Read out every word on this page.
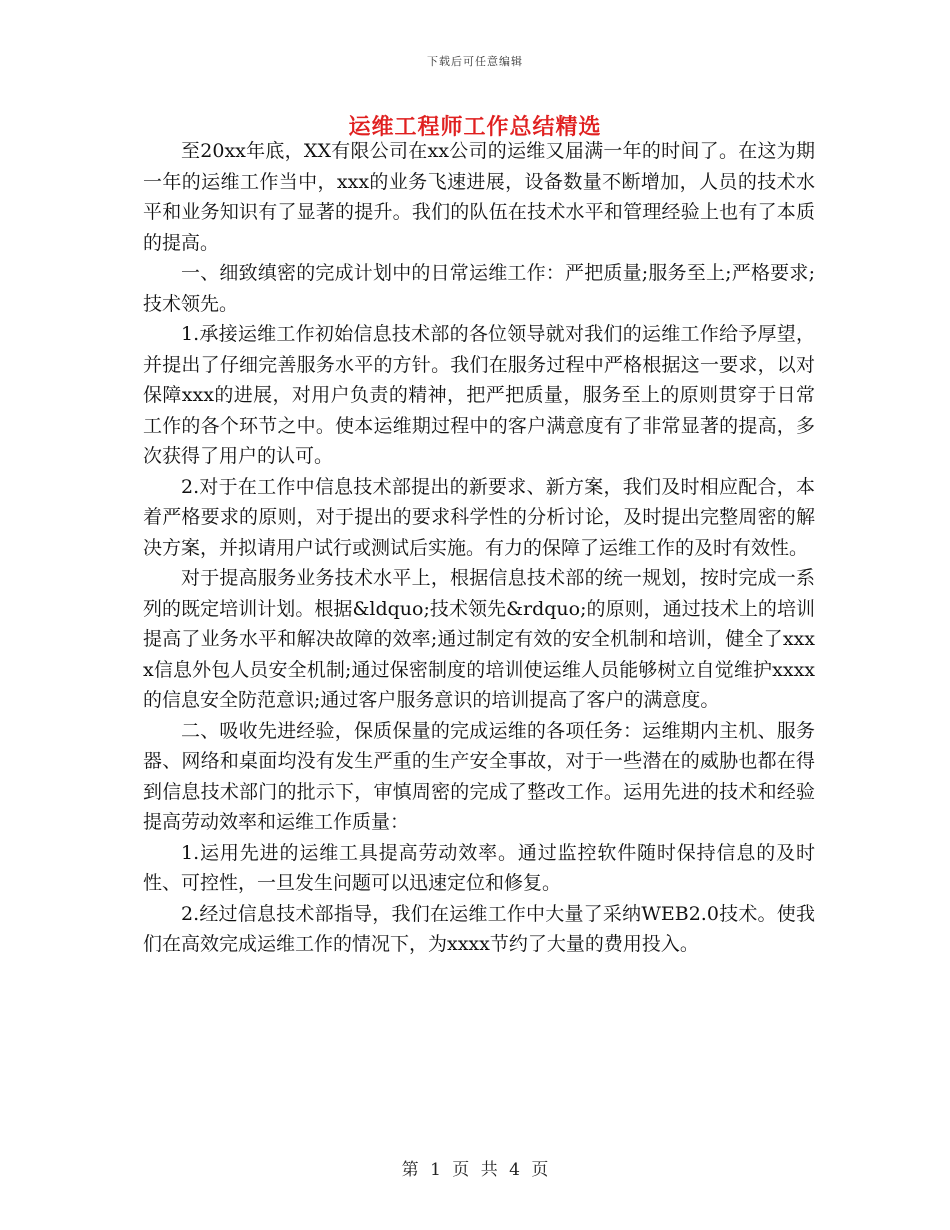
下载后可任意编辑
运维工程师工作总结精选

至20xx年底，XX有限公司在xx公司的运维又届满一年的时间了。在这为期一年的运维工作当中，xxx的业务飞速进展，设备数量不断增加，人员的技术水平和业务知识有了显著的提升。我们的队伍在技术水平和管理经验上也有了本质的提高。

一、细致缜密的完成计划中的日常运维工作：严把质量;服务至上;严格要求;技术领先。

1.承接运维工作初始信息技术部的各位领导就对我们的运维工作给予厚望，并提出了仔细完善服务水平的方针。我们在服务过程中严格根据这一要求，以对保障xxx的进展，对用户负责的精神，把严把质量，服务至上的原则贯穿于日常工作的各个环节之中。使本运维期过程中的客户满意度有了非常显著的提高，多次获得了用户的认可。

2.对于在工作中信息技术部提出的新要求、新方案，我们及时相应配合，本着严格要求的原则，对于提出的要求科学性的分析讨论，及时提出完整周密的解决方案，并拟请用户试行或测试后实施。有力的保障了运维工作的及时有效性。

对于提高服务业务技术水平上，根据信息技术部的统一规划，按时完成一系列的既定培训计划。根据&ldquo;技术领先&rdquo;的原则，通过技术上的培训提高了业务水平和解决故障的效率;通过制定有效的安全机制和培训，健全了xxxx信息外包人员安全机制;通过保密制度的培训使运维人员能够树立自觉维护xxxx的信息安全防范意识;通过客户服务意识的培训提高了客户的满意度。

二、吸收先进经验，保质保量的完成运维的各项任务：运维期内主机、服务器、网络和桌面均没有发生严重的生产安全事故，对于一些潜在的威胁也都在得到信息技术部门的批示下，审慎周密的完成了整改工作。运用先进的技术和经验提高劳动效率和运维工作质量：

1.运用先进的运维工具提高劳动效率。通过监控软件随时保持信息的及时性、可控性，一旦发生问题可以迅速定位和修复。

2.经过信息技术部指导，我们在运维工作中大量了采纳WEB2.0技术。使我们在高效完成运维工作的情况下，为xxxx节约了大量的费用投入。

第 1 页 共 4 页
